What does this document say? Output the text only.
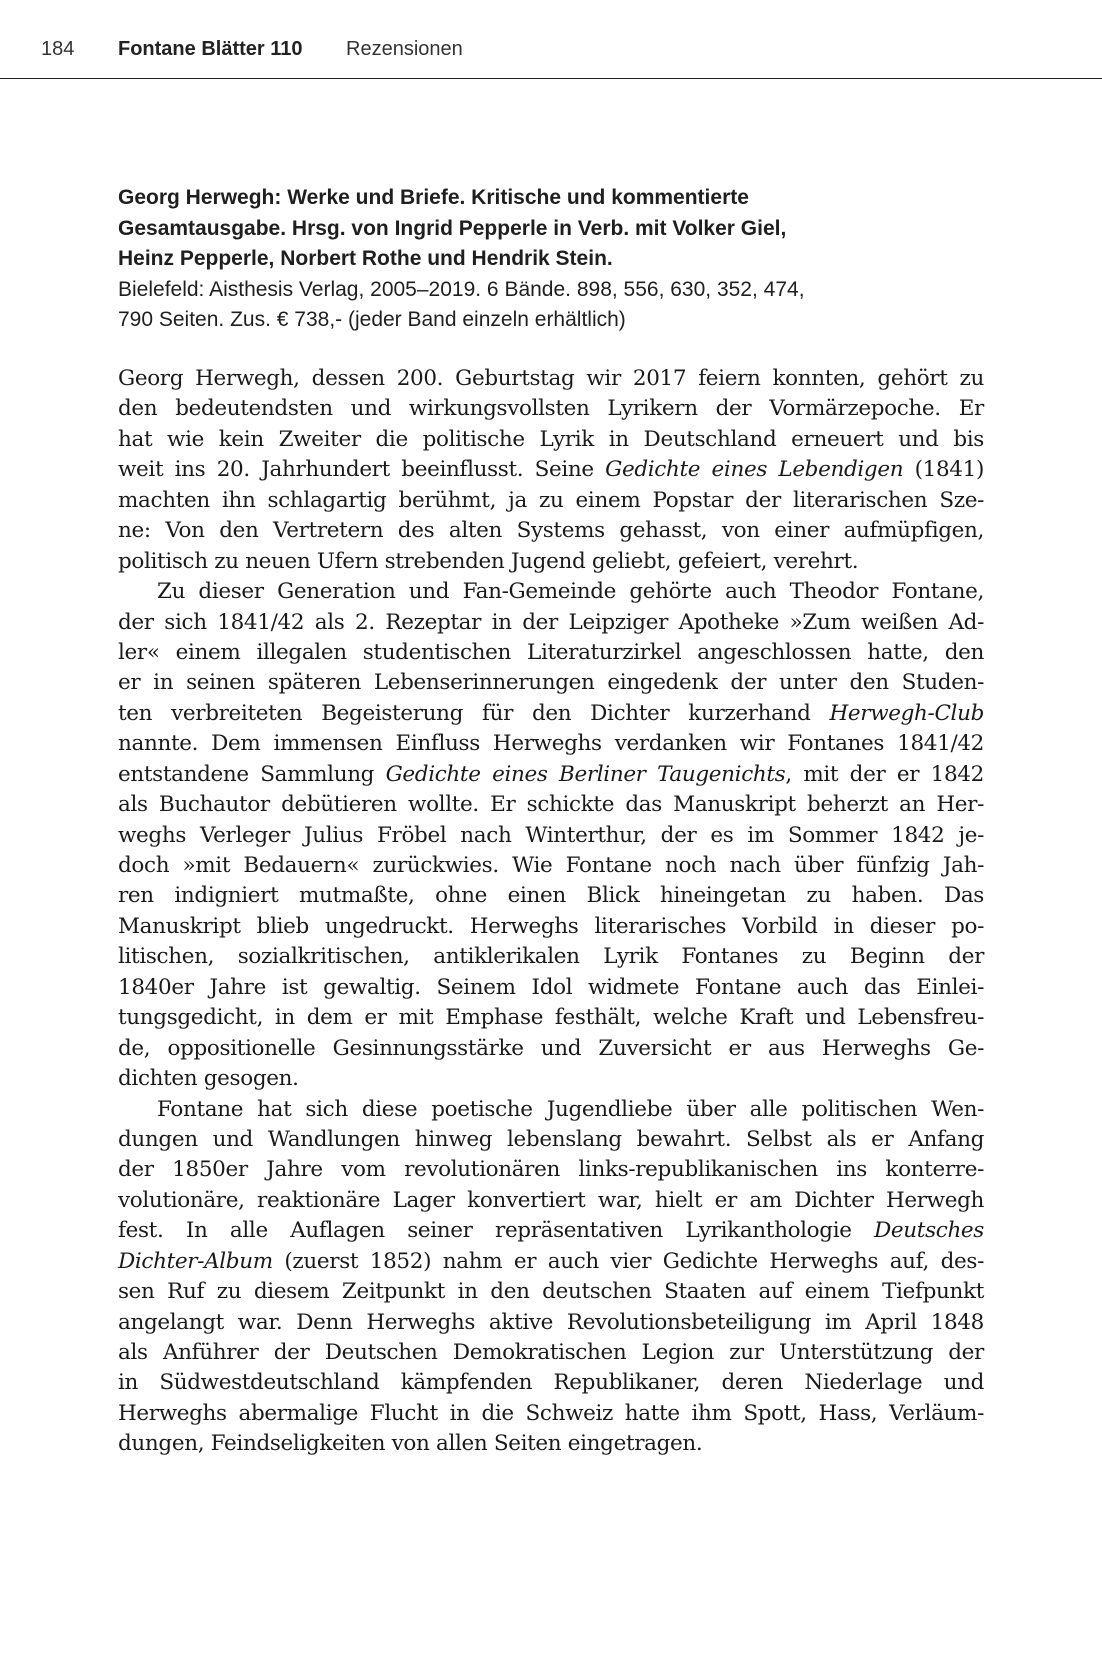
184 Fontane Blätter 110 Rezensionen
Georg Herwegh: Werke und Briefe. Kritische und kommentierte
Gesamtausgabe. Hrsg. von Ingrid Pepperle in Verb. mit Volker Giel,
Heinz Pepperle, Norbert Rothe und Hendrik Stein.
Bielefeld: Aisthesis Verlag, 2005–2019. 6 Bände. 898, 556, 630, 352, 474,
790 Seiten. Zus. € 738,- (jeder Band einzeln erhältlich)
Georg Herwegh, dessen 200. Geburtstag wir 2017 feiern konnten, gehört zu
den bedeutendsten und wirkungsvollsten Lyrikern der Vormärzepoche. Er
hat wie kein Zweiter die politische Lyrik in Deutschland erneuert und bis
weit ins 20. Jahrhundert beeinflusst. Seine Gedichte eines Lebendigen (1841)
machten ihn schlagartig berühmt, ja zu einem Popstar der literarischen Sze-
ne: Von den Vertretern des alten Systems gehasst, von einer aufmüpfigen,
politisch zu neuen Ufern strebenden Jugend geliebt, gefeiert, verehrt.
Zu dieser Generation und Fan-Gemeinde gehörte auch Theodor Fontane,
der sich 1841/42 als 2. Rezeptar in der Leipziger Apotheke »Zum weißen Ad-
ler« einem illegalen studentischen Literaturzirkel angeschlossen hatte, den
er in seinen späteren Lebenserinnerungen eingedenk der unter den Studen-
ten verbreiteten Begeisterung für den Dichter kurzerhand Herwegh-Club
nannte. Dem immensen Einfluss Herweghs verdanken wir Fontanes 1841/42
entstandene Sammlung Gedichte eines Berliner Taugenichts, mit der er 1842
als Buchautor debütieren wollte. Er schickte das Manuskript beherzt an Her-
weghs Verleger Julius Fröbel nach Winterthur, der es im Sommer 1842 je-
doch »mit Bedauern« zurückwies. Wie Fontane noch nach über fünfzig Jah-
ren indigniert mutmaßte, ohne einen Blick hineingetan zu haben. Das
Manuskript blieb ungedruckt. Herweghs literarisches Vorbild in dieser po-
litischen, sozialkritischen, antiklerikalen Lyrik Fontanes zu Beginn der
1840er Jahre ist gewaltig. Seinem Idol widmete Fontane auch das Einlei-
tungsgedicht, in dem er mit Emphase festhält, welche Kraft und Lebensfreu-
de, oppositionelle Gesinnungsstärke und Zuversicht er aus Herweghs Ge-
dichten gesogen.
Fontane hat sich diese poetische Jugendliebe über alle politischen Wen-
dungen und Wandlungen hinweg lebenslang bewahrt. Selbst als er Anfang
der 1850er Jahre vom revolutionären links-republikanischen ins konterre-
volutionäre, reaktionäre Lager konvertiert war, hielt er am Dichter Herwegh
fest. In alle Auflagen seiner repräsentativen Lyrikanthologie Deutsches
Dichter-Album (zuerst 1852) nahm er auch vier Gedichte Herweghs auf, des-
sen Ruf zu diesem Zeitpunkt in den deutschen Staaten auf einem Tiefpunkt
angelangt war. Denn Herweghs aktive Revolutionsbeteiligung im April 1848
als Anführer der Deutschen Demokratischen Legion zur Unterstützung der
in Südwestdeutschland kämpfenden Republikaner, deren Niederlage und
Herweghs abermalige Flucht in die Schweiz hatte ihm Spott, Hass, Verläum-
dungen, Feindseligkeiten von allen Seiten eingetragen.
